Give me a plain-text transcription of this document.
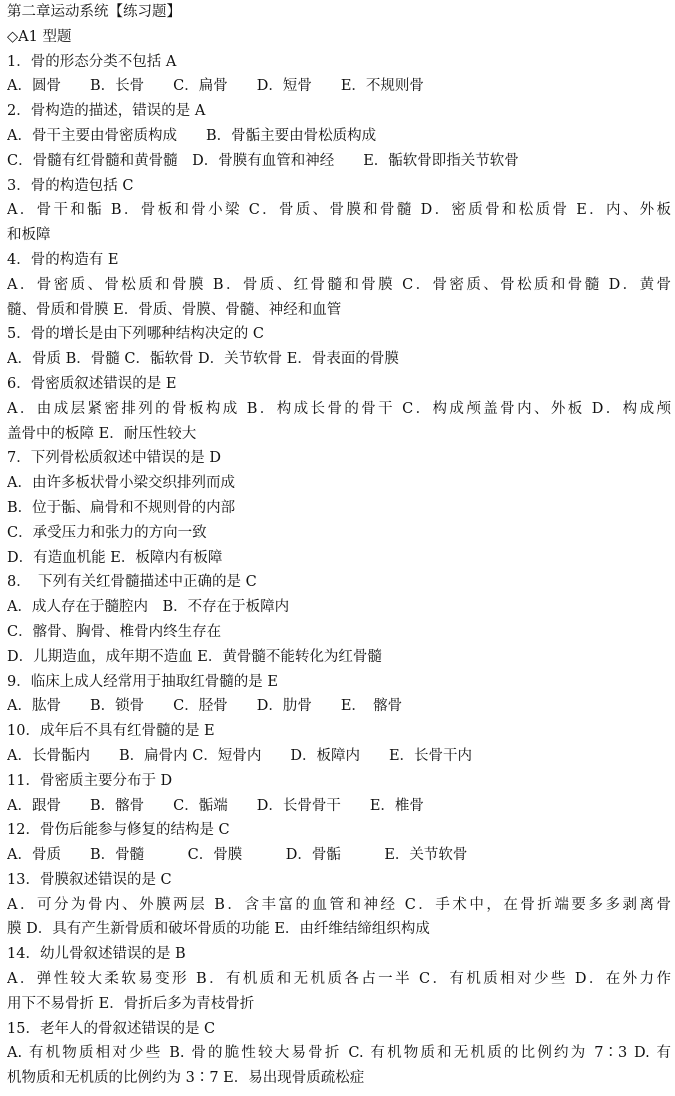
第二章运动系统【练习题】
◇A1 型题
1．骨的形态分类不包括 A
A．圆骨　　B．长骨　　C．扁骨　　D．短骨　　E．不规则骨
2．骨构造的描述，错误的是 A
A．骨干主要由骨密质构成　　B．骨骺主要由骨松质构成
C．骨髓有红骨髓和黄骨髓　D．骨膜有血管和神经　　E．骺软骨即指关节软骨
3．骨的构造包括 C
A．骨干和骺 B．骨板和骨小梁 C．骨质、骨膜和骨髓 D．密质骨和松质骨 E．内、外板
和板障
4．骨的构造有 E
A．骨密质、骨松质和骨膜 B．骨质、红骨髓和骨膜 C．骨密质、骨松质和骨髓 D．黄骨
髓、骨质和骨膜 E．骨质、骨膜、骨髓、神经和血管
5．骨的增长是由下列哪种结构决定的 C
A．骨质 B．骨髓 C．骺软骨 D．关节软骨 E．骨表面的骨膜
6．骨密质叙述错误的是 E
A．由成层紧密排列的骨板构成 B．构成长骨的骨干 C．构成颅盖骨内、外板 D．构成颅
盖骨中的板障 E．耐压性较大
7．下列骨松质叙述中错误的是 D
A．由许多板状骨小梁交织排列而成
B．位于骺、扁骨和不规则骨的内部
C．承受压力和张力的方向一致
D．有造血机能 E．板障内有板障
8．　下列有关红骨髓描述中正确的是 C
A．成人存在于髓腔内　B．不存在于板障内
C．髂骨、胸骨、椎骨内终生存在
D．儿期造血，成年期不造血 E．黄骨髓不能转化为红骨髓
9．临床上成人经常用于抽取红骨髓的是 E
A．肱骨　　B．锁骨　　C．胫骨　　D．肋骨　　E．　髂骨
10．成年后不具有红骨髓的是 E
A．长骨骺内　　B．扁骨内 C．短骨内　　D．板障内　　E．长骨干内
11．骨密质主要分布于 D
A．跟骨　　B．髂骨　　C．骺端　　D．长骨骨干　　E．椎骨
12．骨伤后能参与修复的结构是 C
A．骨质　　B．骨髓　　　C．骨膜　　　D．骨骺　　　E．关节软骨
13．骨膜叙述错误的是 C
A．可分为骨内、外膜两层 B．含丰富的血管和神经 C．手术中，在骨折端要多多剥离骨
膜 D．具有产生新骨质和破坏骨质的功能 E．由纤维结缔组织构成
14．幼儿骨叙述错误的是 B
A．弹性较大柔软易变形 B．有机质和无机质各占一半 C．有机质相对少些 D．在外力作
用下不易骨折 E．骨折后多为青枝骨折
15．老年人的骨叙述错误的是 C
A. 有机物质相对少些 B. 骨的脆性较大易骨折 C. 有机物质和无机质的比例约为 7∶3 D. 有
机物质和无机质的比例约为 3∶7 E．易出现骨质疏松症
